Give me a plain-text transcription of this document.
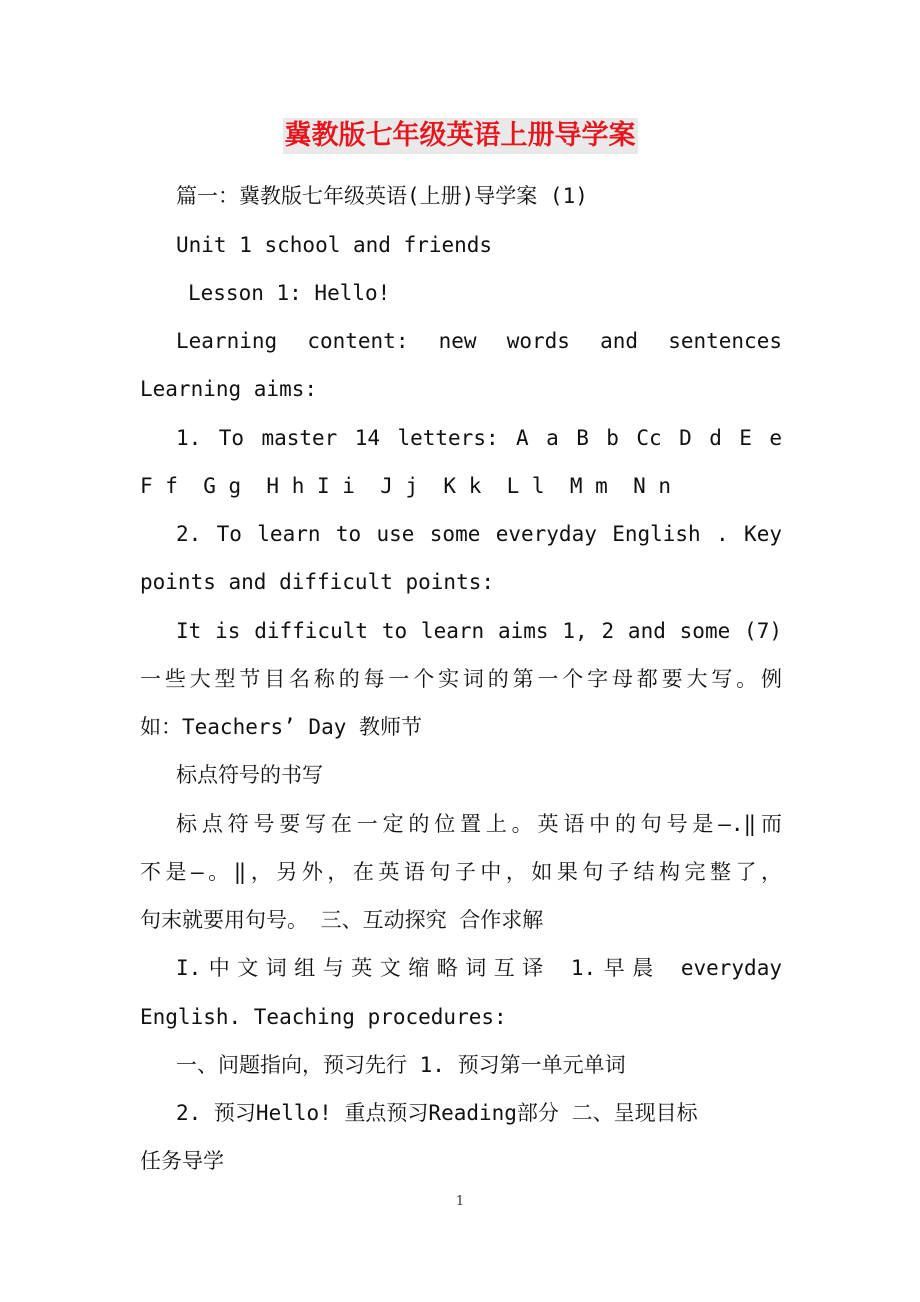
冀教版七年级英语上册导学案
篇一：冀教版七年级英语(上册)导学案 (1)
Unit 1 school and friends
Lesson 1: Hello!
Learning content: new words and sentences
Learning aims:
1. To master 14 letters: A a B b Cc D d E e
F f  G g  H h I i  J j  K k  L l  M m  N n
2. To learn to use some everyday English . Key
points and difficult points:
It is difficult to learn aims 1, 2 and some (7)
一些大型节目名称的每一个实词的第一个字母都要大写。例
如：Teachers’ Day 教师节
标点符号的书写
标点符号要写在一定的位置上。英语中的句号是—.‖而
不是—。‖，另外，在英语句子中，如果句子结构完整了，
句末就要用句号。 三、互动探究 合作求解
I.中文词组与英文缩略词互译 1.早晨 everyday
English. Teaching procedures:
一、问题指向，预习先行 1. 预习第一单元单词
2. 预习Hello! 重点预习Reading部分 二、呈现目标
任务导学
1
